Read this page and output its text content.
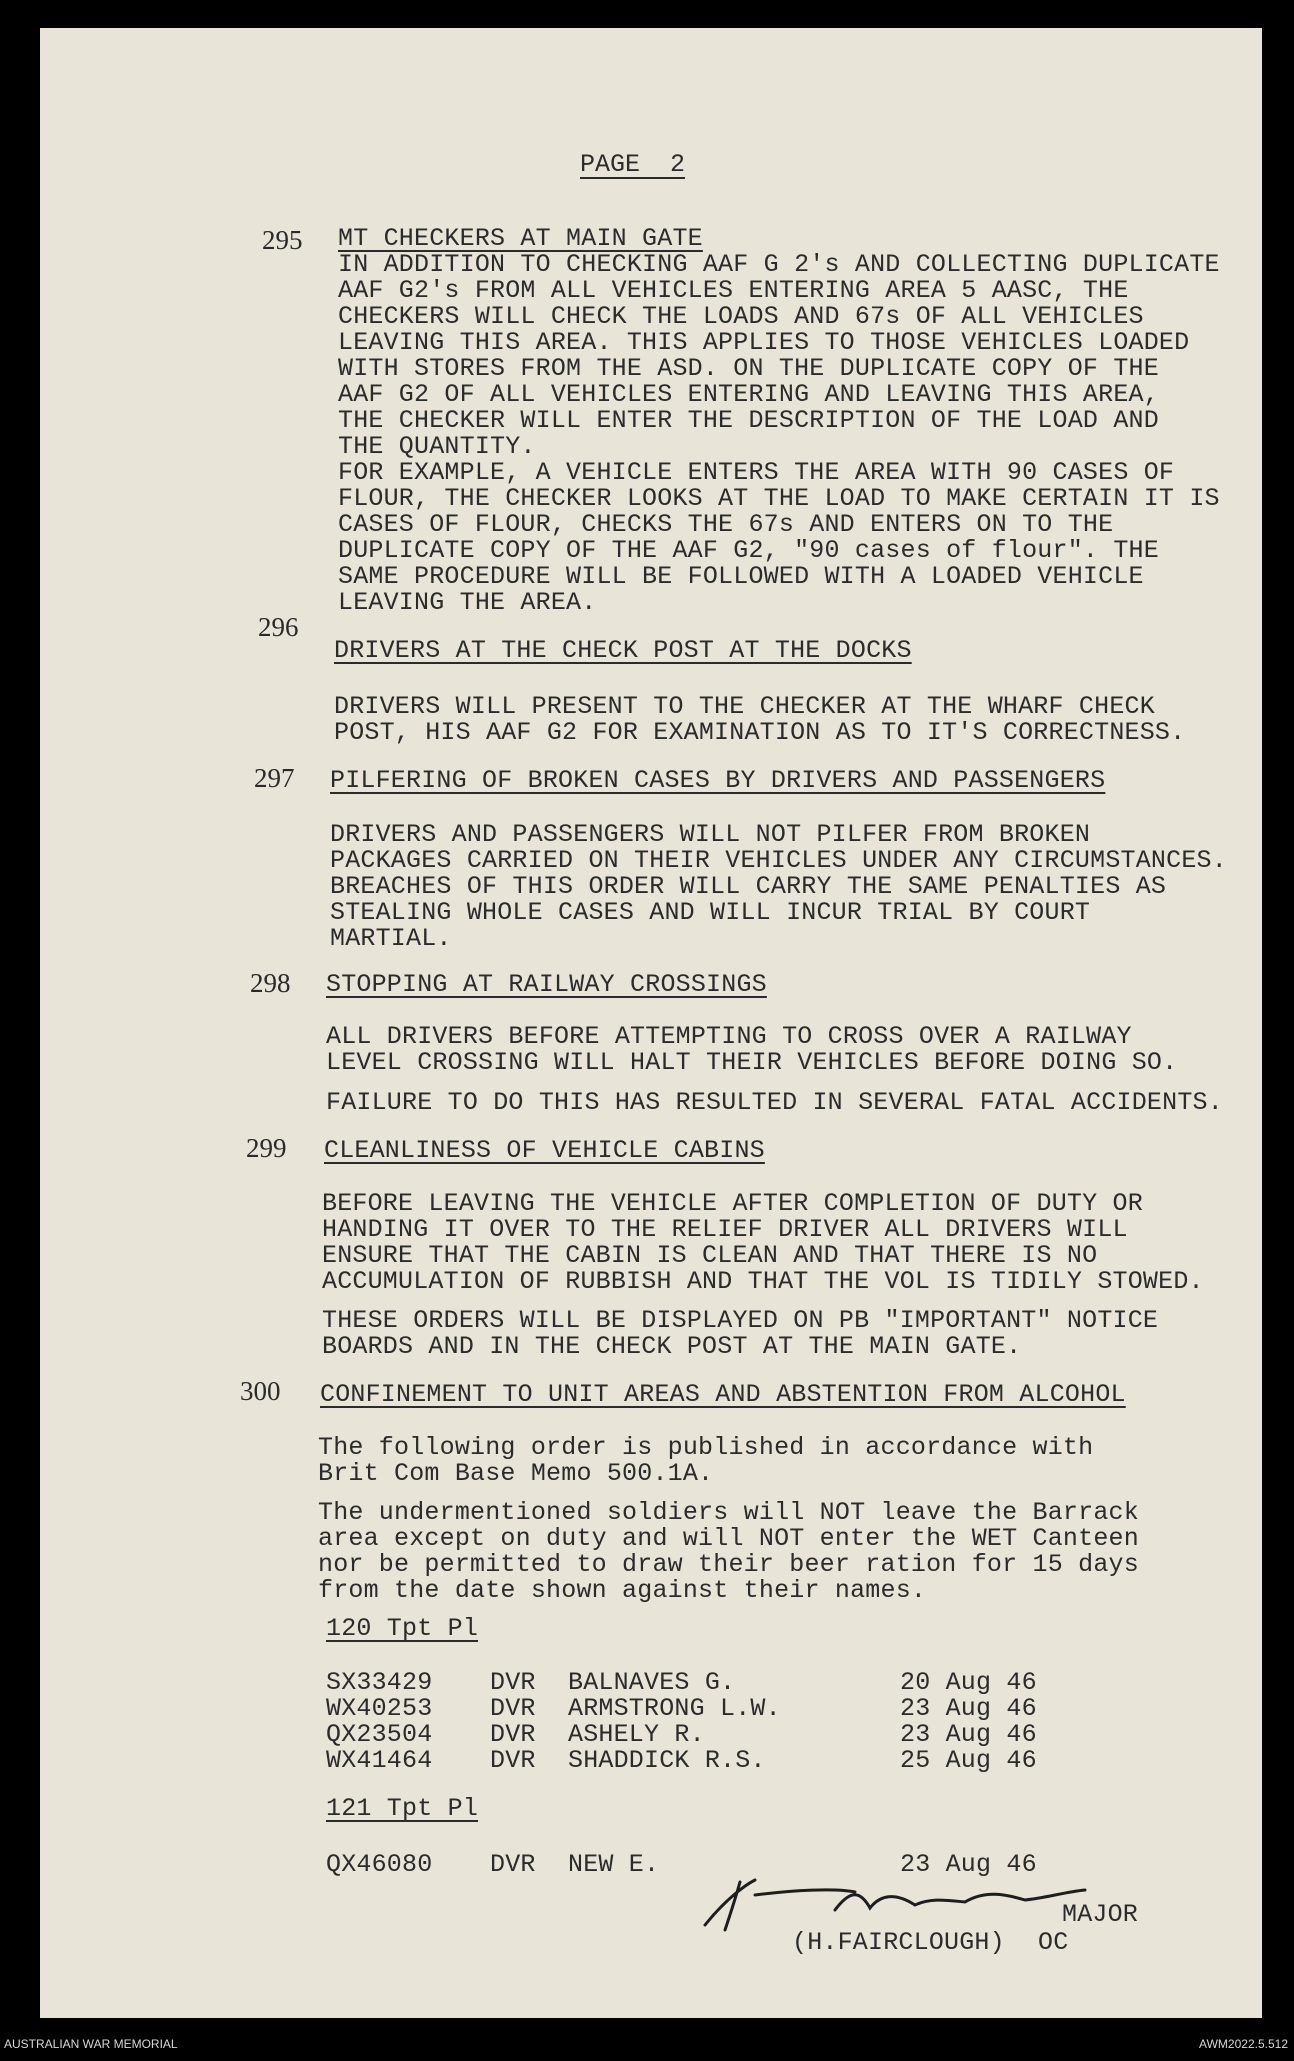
PAGE  2
295 MT CHECKERS AT MAIN GATE
IN ADDITION TO CHECKING AAF G 2's AND COLLECTING DUPLICATE
AAF G2's FROM ALL VEHICLES ENTERING AREA 5 AASC, THE
CHECKERS WILL CHECK THE LOADS AND 67s OF ALL VEHICLES
LEAVING THIS AREA. THIS APPLIES TO THOSE VEHICLES LOADED
WITH STORES FROM THE ASD. ON THE DUPLICATE COPY OF THE
AAF G2 OF ALL VEHICLES ENTERING AND LEAVING THIS AREA,
THE CHECKER WILL ENTER THE DESCRIPTION OF THE LOAD AND
THE QUANTITY.
FOR EXAMPLE, A VEHICLE ENTERS THE AREA WITH 90 CASES OF
FLOUR, THE CHECKER LOOKS AT THE LOAD TO MAKE CERTAIN IT IS
CASES OF FLOUR, CHECKS THE 67s AND ENTERS ON TO THE
DUPLICATE COPY OF THE AAF G2, "90 cases of flour". THE
SAME PROCEDURE WILL BE FOLLOWED WITH A LOADED VEHICLE
LEAVING THE AREA.
296
DRIVERS AT THE CHECK POST AT THE DOCKS
DRIVERS WILL PRESENT TO THE CHECKER AT THE WHARF CHECK
POST, HIS AAF G2 FOR EXAMINATION AS TO IT'S CORRECTNESS.
297 PILFERING OF BROKEN CASES BY DRIVERS AND PASSENGERS
DRIVERS AND PASSENGERS WILL NOT PILFER FROM BROKEN
PACKAGES CARRIED ON THEIR VEHICLES UNDER ANY CIRCUMSTANCES.
BREACHES OF THIS ORDER WILL CARRY THE SAME PENALTIES AS
STEALING WHOLE CASES AND WILL INCUR TRIAL BY COURT
MARTIAL.
298 STOPPING AT RAILWAY CROSSINGS
ALL DRIVERS BEFORE ATTEMPTING TO CROSS OVER A RAILWAY
LEVEL CROSSING WILL HALT THEIR VEHICLES BEFORE DOING SO.
FAILURE TO DO THIS HAS RESULTED IN SEVERAL FATAL ACCIDENTS.
299 CLEANLINESS OF VEHICLE CABINS
BEFORE LEAVING THE VEHICLE AFTER COMPLETION OF DUTY OR
HANDING IT OVER TO THE RELIEF DRIVER ALL DRIVERS WILL
ENSURE THAT THE CABIN IS CLEAN AND THAT THERE IS NO
ACCUMULATION OF RUBBISH AND THAT THE VOL IS TIDILY STOWED.
THESE ORDERS WILL BE DISPLAYED ON PB "IMPORTANT" NOTICE
BOARDS AND IN THE CHECK POST AT THE MAIN GATE.
300 CONFINEMENT TO UNIT AREAS AND ABSTENTION FROM ALCOHOL
The following order is published in accordance with
Brit Com Base Memo 500.1A.
The undermentioned soldiers will NOT leave the Barrack
area except on duty and will NOT enter the WET Canteen
nor be permitted to draw their beer ration for 15 days
from the date shown against their names.
120 Tpt Pl
SX33429 DVR BALNAVES G.	20 Aug 46
WX40253 DVR ARMSTRONG L.W.	23 Aug 46
QX23504 DVR ASHELY R.	23 Aug 46
WX41464 DVR SHADDICK R.S.	25 Aug 46
121 Tpt Pl
QX46080 DVR NEW E.	23 Aug 46
MAJOR
(H.FAIRCLOUGH) OC
AUSTRALIAN WAR MEMORIAL	AWM2022.5.512
